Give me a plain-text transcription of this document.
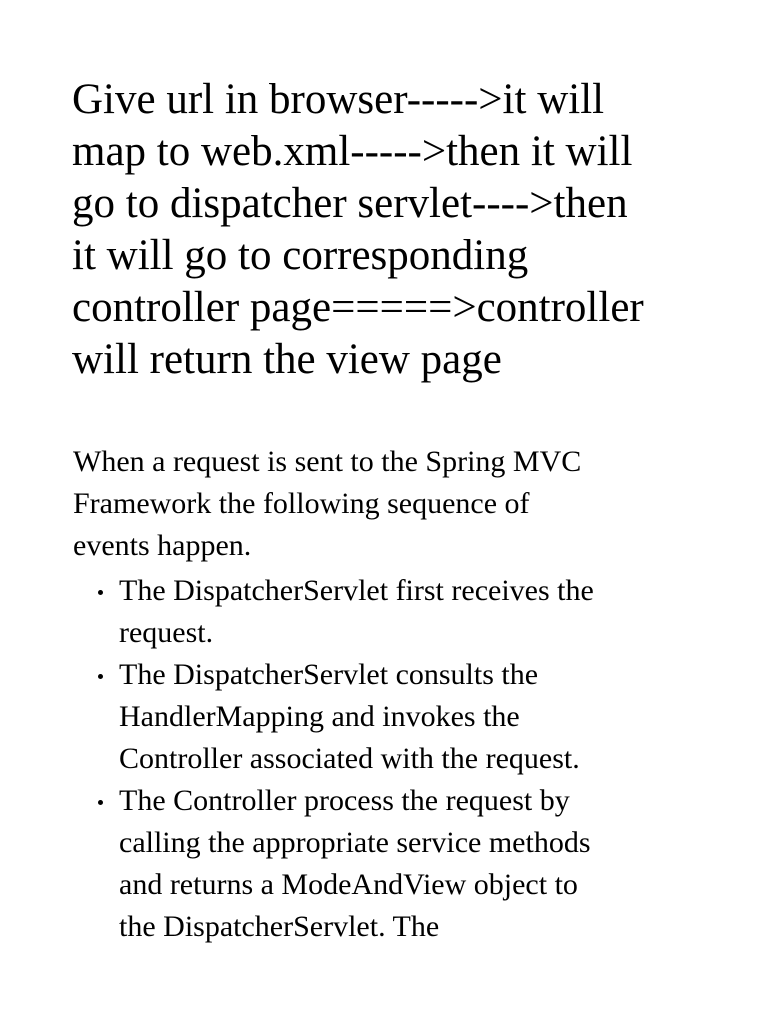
Give url in browser----->it will
map to web.xml----->then it will
go to dispatcher servlet---->then
it will go to corresponding
controller page=====>controller
will return the view page

When a request is sent to the Spring MVC
Framework the following sequence of
events happen.

The DispatcherServlet first receives the
request.
The DispatcherServlet consults the
HandlerMapping and invokes the
Controller associated with the request.
The Controller process the request by
calling the appropriate service methods
and returns a ModeAndView object to
the DispatcherServlet. The
